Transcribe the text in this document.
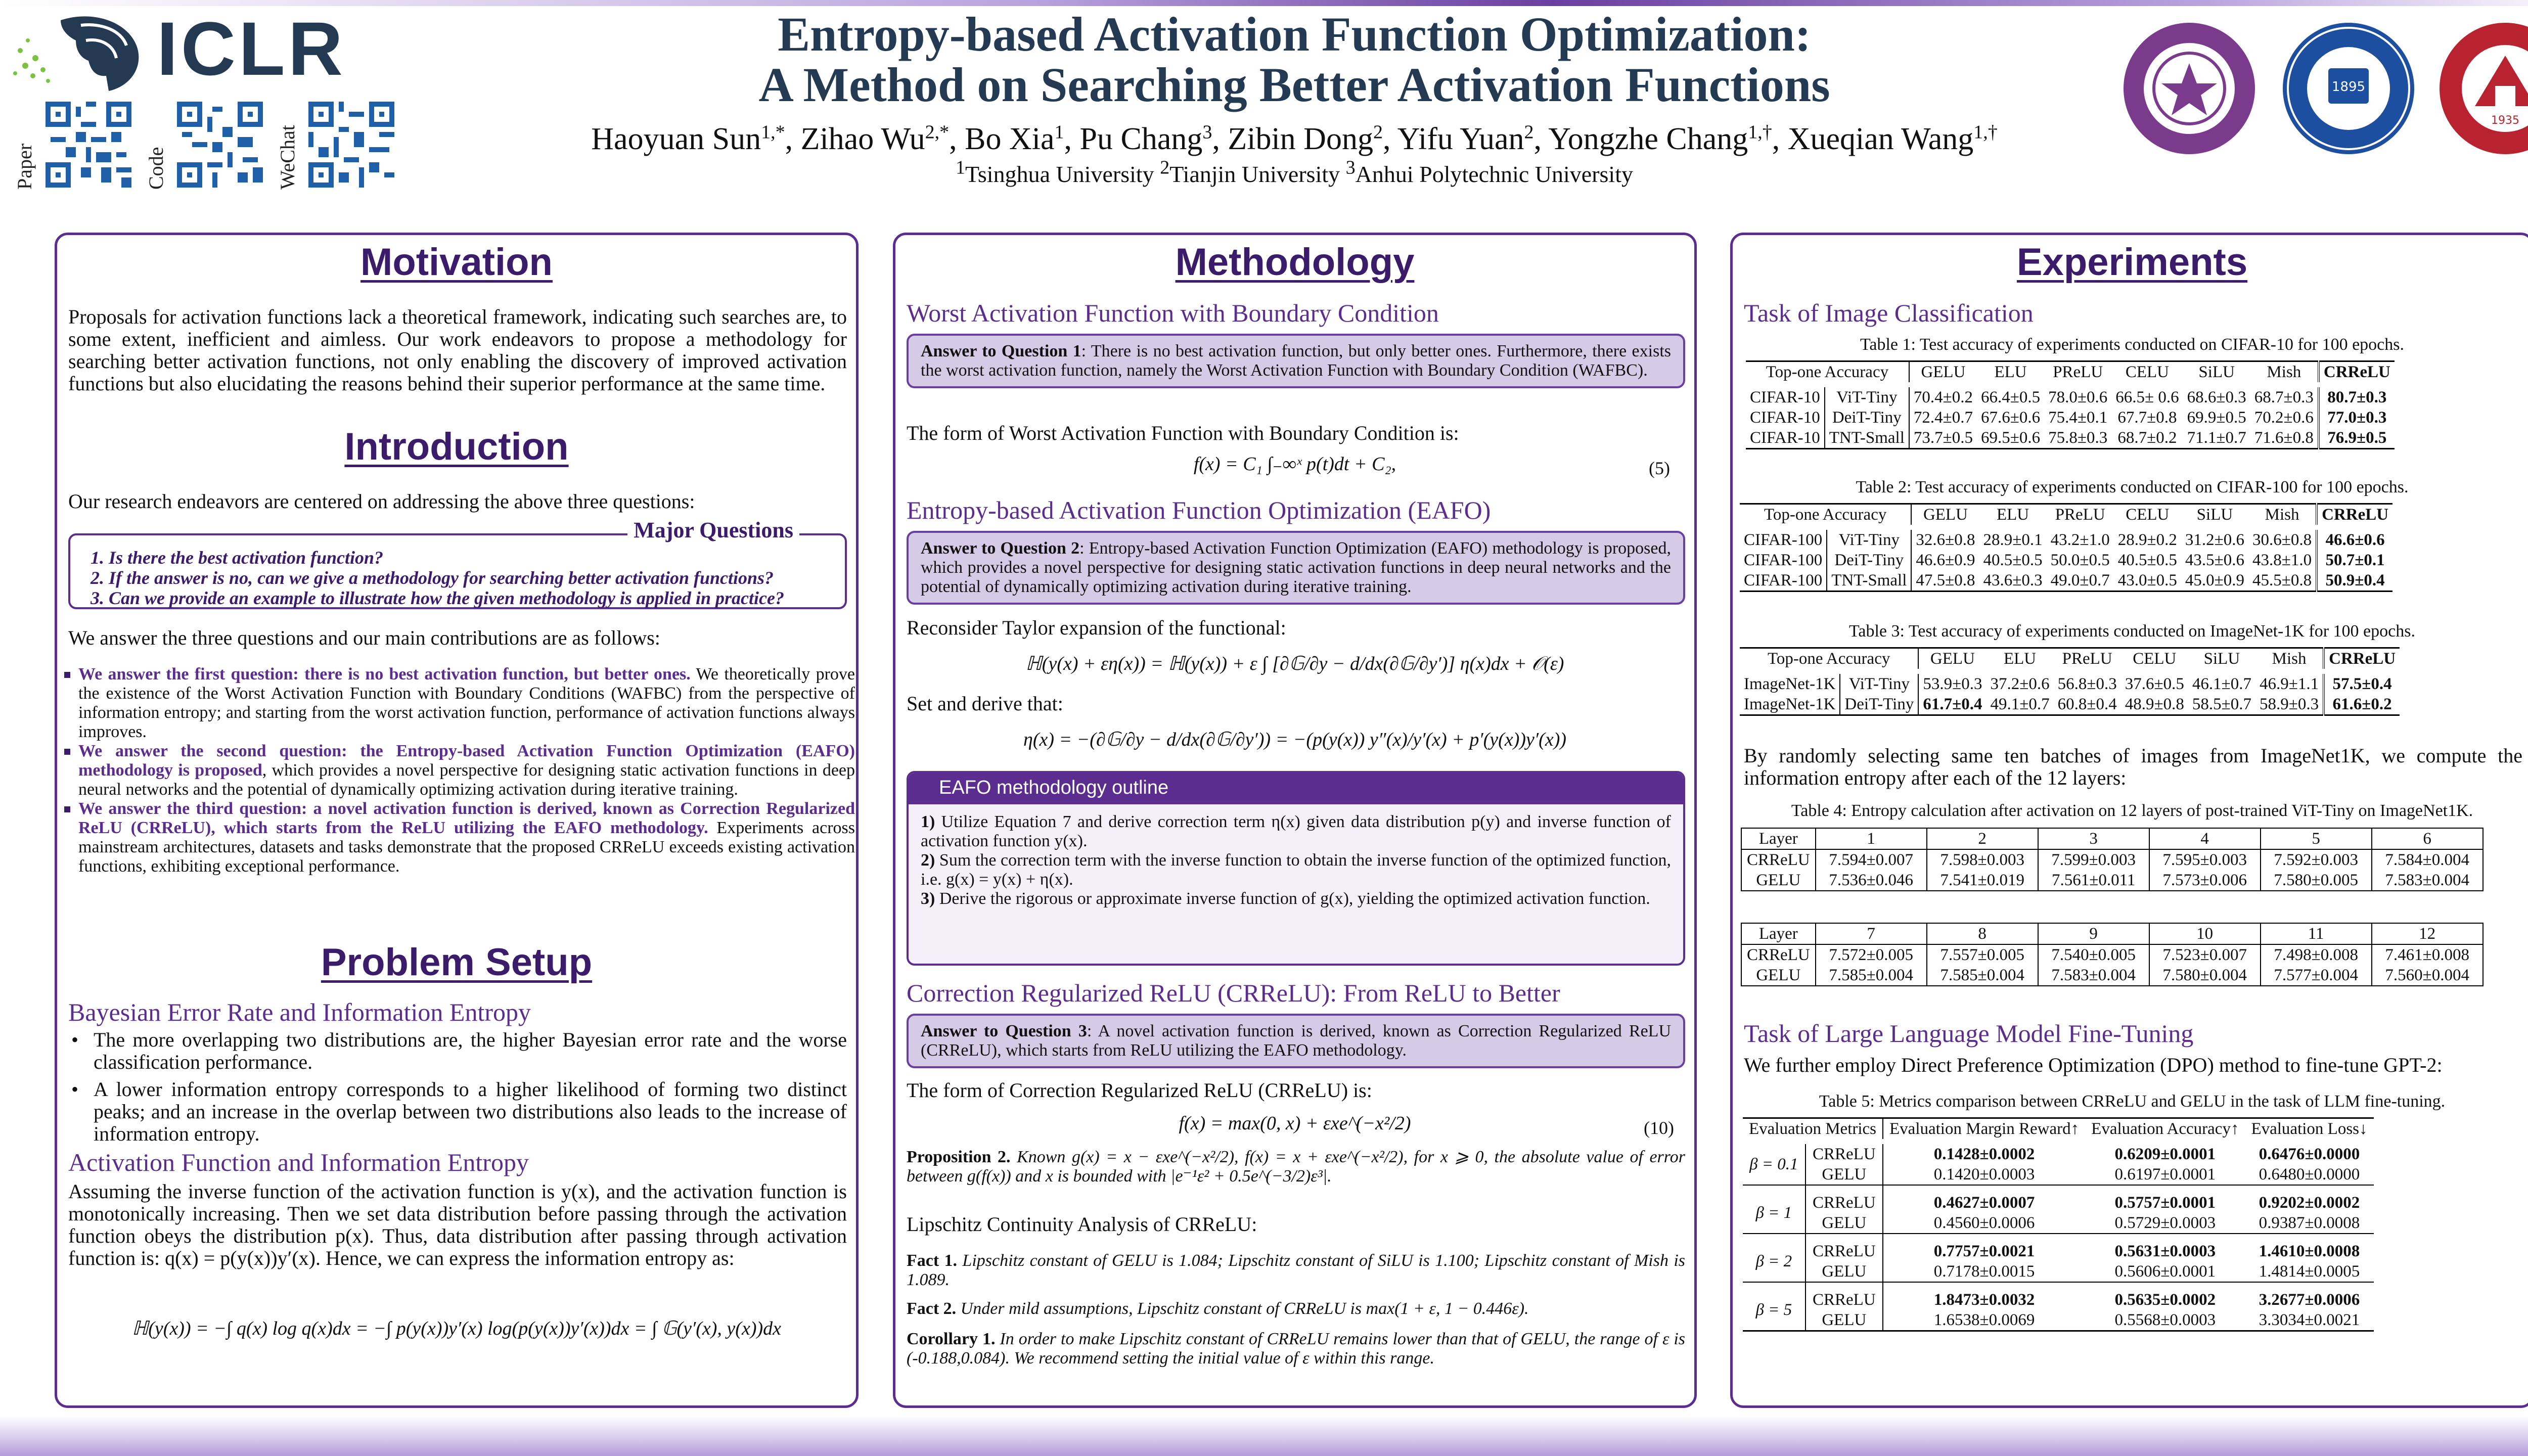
ICLR
Paper	Code	WeChat
Entropy-based Activation Function Optimization:
A Method on Searching Better Activation Functions
Haoyuan Sun$^{1,*}$, Zihao $Wu^{2,*}$, Bo Xia$^1$, Pu Chang$^3$, Zibin Dong$^2$, Yifu Yuan$^2$, Yongzhe Chang$^{1,\dagger}$, Xueqian Wang$^{1,\dagger}$
$^1$Tsinghua University $^2$Tianjin University $^3$Anhui Polytechnic University
1895
1935
Motivation
Proposals for activation functions lack a theoretical framework, indicating such searches are, to some extent, inefficient and aimless. Our work endeavors to propose a methodology for searching better activation functions, not only enabling the discovery of improved activation functions but also elucidating the reasons behind their superior performance at the same time.
Introduction
Our research endeavors are centered on addressing the above three questions:
Major Questions
1. Is there the best activation function?
2. If the answer is no, can we give a methodology for searching better activation functions?
3. Can we provide an example to illustrate how the given methodology is applied in practice?
We answer the three questions and our main contributions are as follows:
We answer the first question: there is no best activation function, but better ones. We theoretically prove the existence of the Worst Activation Function with Boundary Conditions (WAFBC) from the perspective of information entropy; and starting from the worst activation function, performance of activation functions always improves.
We answer the second question: the Entropy-based Activation Function Optimization (EAFO) methodology is proposed, which provides a novel perspective for designing static activation functions in deep neural networks and the potential of dynamically optimizing activation during iterative training.
We answer the third question: a novel activation function is derived, known as Correction Regularized ReLU (CRReLU), which starts from the ReLU utilizing the EAFO methodology. Experiments across mainstream architectures, datasets and tasks demonstrate that the proposed CRReLU exceeds existing activation functions, exhibiting exceptional performance.
Problem Setup
Bayesian Error Rate and Information Entropy
• The more overlapping two distributions are, the higher Bayesian error rate and the worse classification performance.
• A lower information entropy corresponds to a higher likelihood of forming two distinct peaks; and an increase in the overlap between two distributions also leads to the increase of information entropy.
Activation Function and Information Entropy
Assuming the inverse function of the activation function is y(x), and the activation function is monotonically increasing. Then we set data distribution before passing through the activation function obeys the distribution p(x). Thus, data distribution after passing through activation function is: q(x) = p(y(x))y′(x). Hence, we can express the information entropy as:
ℍ(y(x)) = −∫ q(x) log q(x)dx = −∫ p(y(x))y′(x) log(p(y(x))y′(x))dx = ∫ 𝔾(y′(x), y(x))dx
Methodology
Worst Activation Function with Boundary Condition
Answer to Question 1: There is no best activation function, but only better ones. Furthermore, there exists the worst activation function, namely the Worst Activation Function with Boundary Condition (WAFBC).
The form of Worst Activation Function with Boundary Condition is:
f(x) = C₁ ∫₋∞ˣ p(t)dt + C₂,	(5)
Entropy-based Activation Function Optimization (EAFO)
Answer to Question 2: Entropy-based Activation Function Optimization (EAFO) methodology is proposed, which provides a novel perspective for designing static activation functions in deep neural networks and the potential of dynamically optimizing activation during iterative training.
Reconsider Taylor expansion of the functional:
ℍ(y(x) + εη(x)) = ℍ(y(x)) + ε ∫ [∂𝔾/∂y − d/dx(∂𝔾/∂y′)] η(x)dx + 𝒪(ε)
Set and derive that:
η(x) = −(∂𝔾/∂y − d/dx(∂𝔾/∂y′)) = −(p(y(x)) y″(x)/y′(x) + p′(y(x))y′(x))
EAFO methodology outline
1) Utilize Equation 7 and derive correction term η(x) given data distribution p(y) and inverse function of activation function y(x).
2) Sum the correction term with the inverse function to obtain the inverse function of the optimized function, i.e. g(x) = y(x) + η(x).
3) Derive the rigorous or approximate inverse function of g(x), yielding the optimized activation function.
Correction Regularized ReLU (CRReLU): From ReLU to Better
Answer to Question 3: A novel activation function is derived, known as Correction Regularized ReLU (CRReLU), which starts from ReLU utilizing the EAFO methodology.
The form of Correction Regularized ReLU (CRReLU) is:
f(x) = max(0, x) + εxe^(−x²/2)	(10)
Proposition 2. Known g(x) = x − εxe^(−x²/2), f(x) = x + εxe^(−x²/2), for x ⩾ 0, the absolute value of error between g(f(x)) and x is bounded with |e⁻¹ε² + 0.5e^(−3/2)ε³|.
Lipschitz Continuity Analysis of CRReLU:
Fact 1. Lipschitz constant of GELU is 1.084; Lipschitz constant of SiLU is 1.100; Lipschitz constant of Mish is 1.089.
Fact 2. Under mild assumptions, Lipschitz constant of CRReLU is max(1 + ε, 1 − 0.446ε).
Corollary 1. In order to make Lipschitz constant of CRReLU remains lower than that of GELU, the range of ε is (-0.188,0.084). We recommend setting the initial value of ε within this range.
Experiments
Task of Image Classification
Table 1: Test accuracy of experiments conducted on CIFAR-10 for 100 epochs.
Top-one Accuracy		GELU	ELU	PReLU	CELU	SiLU	Mish	CRReLU
CIFAR-10	ViT-Tiny	70.4±0.2	66.4±0.5	78.0±0.6	66.5± 0.6	68.6±0.3	68.7±0.3	80.7±0.3
CIFAR-10	DeiT-Tiny	72.4±0.7	67.6±0.6	75.4±0.1	67.7±0.8	69.9±0.5	70.2±0.6	77.0±0.3
CIFAR-10	TNT-Small	73.7±0.5	69.5±0.6	75.8±0.3	68.7±0.2	71.1±0.7	71.6±0.8	76.9±0.5
Table 2: Test accuracy of experiments conducted on CIFAR-100 for 100 epochs.
Top-one Accuracy		GELU	ELU	PReLU	CELU	SiLU	Mish	CRReLU
CIFAR-100	ViT-Tiny	32.6±0.8	28.9±0.1	43.2±1.0	28.9±0.2	31.2±0.6	30.6±0.8	46.6±0.6
CIFAR-100	DeiT-Tiny	46.6±0.9	40.5±0.5	50.0±0.5	40.5±0.5	43.5±0.6	43.8±1.0	50.7±0.1
CIFAR-100	TNT-Small	47.5±0.8	43.6±0.3	49.0±0.7	43.0±0.5	45.0±0.9	45.5±0.8	50.9±0.4
Table 3: Test accuracy of experiments conducted on ImageNet-1K for 100 epochs.
Top-one Accuracy		GELU	ELU	PReLU	CELU	SiLU	Mish	CRReLU
ImageNet-1K	ViT-Tiny	53.9±0.3	37.2±0.6	56.8±0.3	37.6±0.5	46.1±0.7	46.9±1.1	57.5±0.4
ImageNet-1K	DeiT-Tiny	61.7±0.4	49.1±0.7	60.8±0.4	48.9±0.8	58.5±0.7	58.9±0.3	61.6±0.2
By randomly selecting same ten batches of images from ImageNet1K, we compute the information entropy after each of the 12 layers:
Table 4: Entropy calculation after activation on 12 layers of post-trained ViT-Tiny on ImageNet1K.
Layer	1	2	3	4	5	6
CRReLU	7.594±0.007	7.598±0.003	7.599±0.003	7.595±0.003	7.592±0.003	7.584±0.004
GELU	7.536±0.046	7.541±0.019	7.561±0.011	7.573±0.006	7.580±0.005	7.583±0.004
Layer	7	8	9	10	11	12
CRReLU	7.572±0.005	7.557±0.005	7.540±0.005	7.523±0.007	7.498±0.008	7.461±0.008
GELU	7.585±0.004	7.585±0.004	7.583±0.004	7.580±0.004	7.577±0.004	7.560±0.004
Task of Large Language Model Fine-Tuning
We further employ Direct Preference Optimization (DPO) method to fine-tune GPT-2:
Table 5: Metrics comparison between CRReLU and GELU in the task of LLM fine-tuning.
Evaluation Metrics		Evaluation Margin Reward↑	Evaluation Accuracy↑	Evaluation Loss↓
β = 0.1	CRReLU	0.1428±0.0002	0.6209±0.0001	0.6476±0.0000
	GELU	0.1420±0.0003	0.6197±0.0001	0.6480±0.0000
β = 1	CRReLU	0.4627±0.0007	0.5757±0.0001	0.9202±0.0002
	GELU	0.4560±0.0006	0.5729±0.0003	0.9387±0.0008
β = 2	CRReLU	0.7757±0.0021	0.5631±0.0003	1.4610±0.0008
	GELU	0.7178±0.0015	0.5606±0.0001	1.4814±0.0005
β = 5	CRReLU	1.8473±0.0032	0.5635±0.0002	3.2677±0.0006
	GELU	1.6538±0.0069	0.5568±0.0003	3.3034±0.0021
